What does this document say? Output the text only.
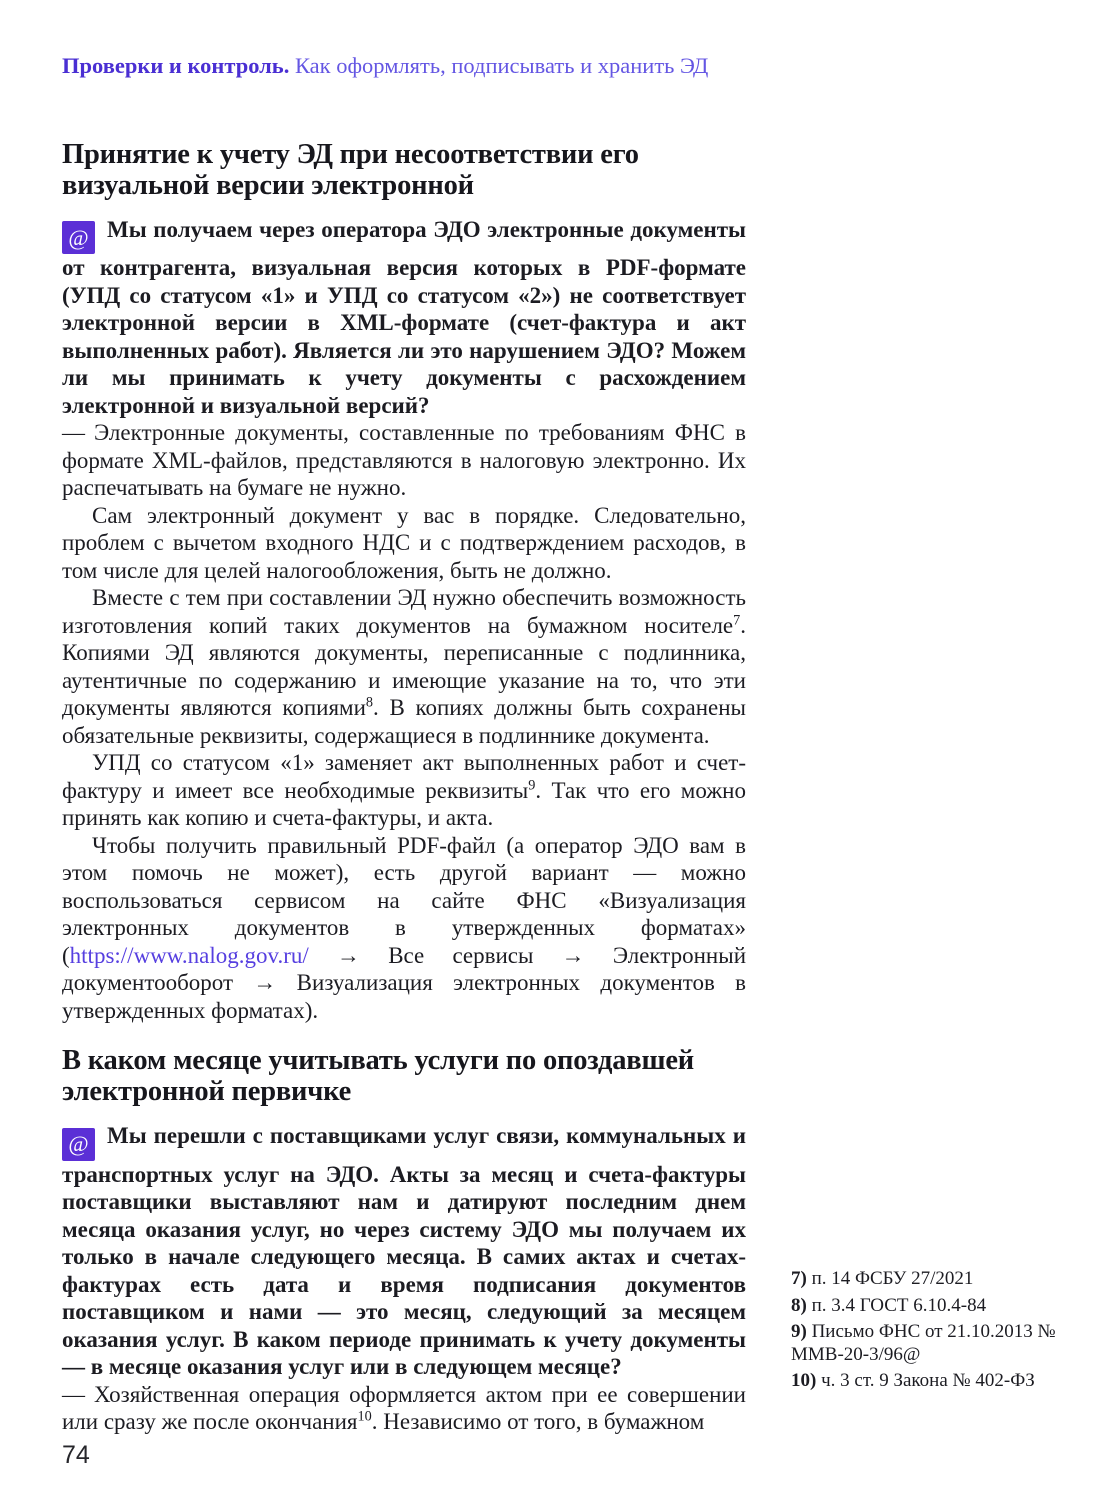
Проверки и контроль. Как оформлять, подписывать и хранить ЭД
Принятие к учету ЭД при несоответствии его визуальной версии электронной

@ Мы получаем через оператора ЭДО электронные документы от контрагента, визуальная версия которых в PDF-формате (УПД со статусом «1» и УПД со статусом «2») не соответствует электронной версии в XML-формате (счет-фактура и акт выполненных работ). Является ли это нарушением ЭДО? Можем ли мы принимать к учету документы с расхождением электронной и визуальной версий?

— Электронные документы, составленные по требованиям ФНС в формате XML-файлов, представляются в налоговую электронно. Их распечатывать на бумаге не нужно.

Сам электронный документ у вас в порядке. Следовательно, проблем с вычетом входного НДС и с подтверждением расходов, в том числе для целей налогообложения, быть не должно.

Вместе с тем при составлении ЭД нужно обеспечить возможность изготовления копий таких документов на бумажном носителе$^7$. Копиями ЭД являются документы, переписанные с подлинника, аутентичные по содержанию и имеющие указание на то, что эти документы являются копиями$^8$. В копиях должны быть сохранены обязательные реквизиты, содержащиеся в подлиннике документа.

УПД со статусом «1» заменяет акт выполненных работ и счет-фактуру и имеет все необходимые реквизиты$^9$. Так что его можно принять как копию и счета-фактуры, и акта.

Чтобы получить правильный PDF-файл (а оператор ЭДО вам в этом помочь не может), есть другой вариант — можно воспользоваться сервисом на сайте ФНС «Визуализация электронных документов в утвержденных форматах» (https://www.nalog.gov.ru/ → Все сервисы → Электронный документооборот → Визуализация электронных документов в утвержденных форматах).

В каком месяце учитывать услуги по опоздавшей электронной первичке

@ Мы перешли с поставщиками услуг связи, коммунальных и транспортных услуг на ЭДО. Акты за месяц и счета-фактуры поставщики выставляют нам и датируют последним днем месяца оказания услуг, но через систему ЭДО мы получаем их только в начале следующего месяца. В самих актах и счетах-фактурах есть дата и время подписания документов поставщиком и нами — это месяц, следующий за месяцем оказания услуг. В каком периоде принимать к учету документы — в месяце оказания услуг или в следующем месяце?

— Хозяйственная операция оформляется актом при ее совершении или сразу же после окончания$^{10}$. Независимо от того, в бумажном

7) п. 14 ФСБУ 27/2021
8) п. 3.4 ГОСТ 6.10.4-84
9) Письмо ФНС от 21.10.2013 № ММВ-20-3/96@
10) ч. 3 ст. 9 Закона № 402-ФЗ
74
